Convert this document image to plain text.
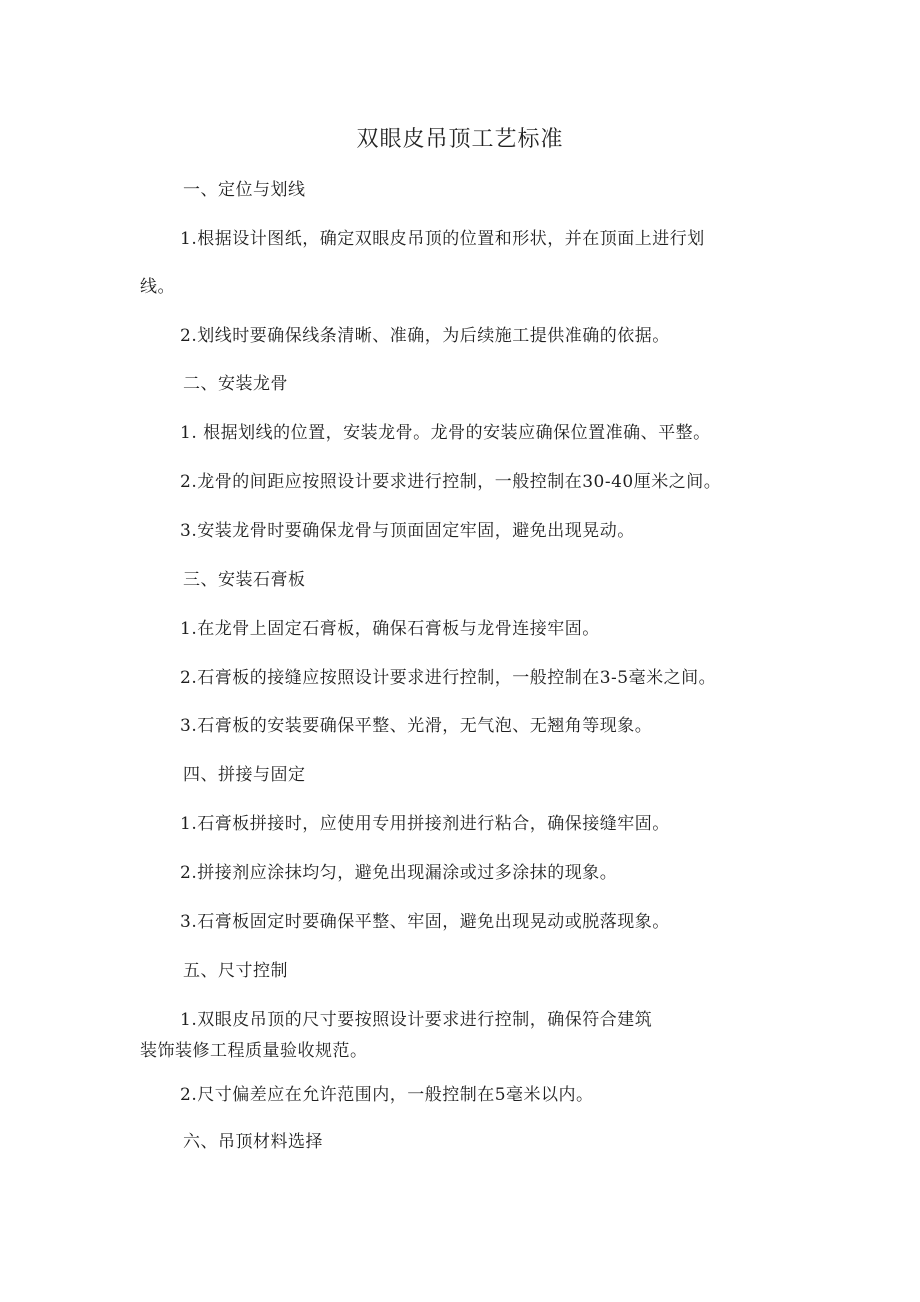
双眼皮吊顶工艺标准
一、定位与划线
1.根据设计图纸，确定双眼皮吊顶的位置和形状，并在顶面上进行划
线。
2.划线时要确保线条清晰、准确，为后续施工提供准确的依据。
二、安装龙骨
1. 根据划线的位置，安装龙骨。龙骨的安装应确保位置准确、平整。
2.龙骨的间距应按照设计要求进行控制，一般控制在30-40厘米之间。
3.安装龙骨时要确保龙骨与顶面固定牢固，避免出现晃动。
三、安装石膏板
1.在龙骨上固定石膏板，确保石膏板与龙骨连接牢固。
2.石膏板的接缝应按照设计要求进行控制，一般控制在3-5毫米之间。
3.石膏板的安装要确保平整、光滑，无气泡、无翘角等现象。
四、拼接与固定
1.石膏板拼接时，应使用专用拼接剂进行粘合，确保接缝牢固。
2.拼接剂应涂抹均匀，避免出现漏涂或过多涂抹的现象。
3.石膏板固定时要确保平整、牢固，避免出现晃动或脱落现象。
五、尺寸控制
1.双眼皮吊顶的尺寸要按照设计要求进行控制，确保符合建筑
装饰装修工程质量验收规范。
2.尺寸偏差应在允许范围内，一般控制在5毫米以内。
六、吊顶材料选择
